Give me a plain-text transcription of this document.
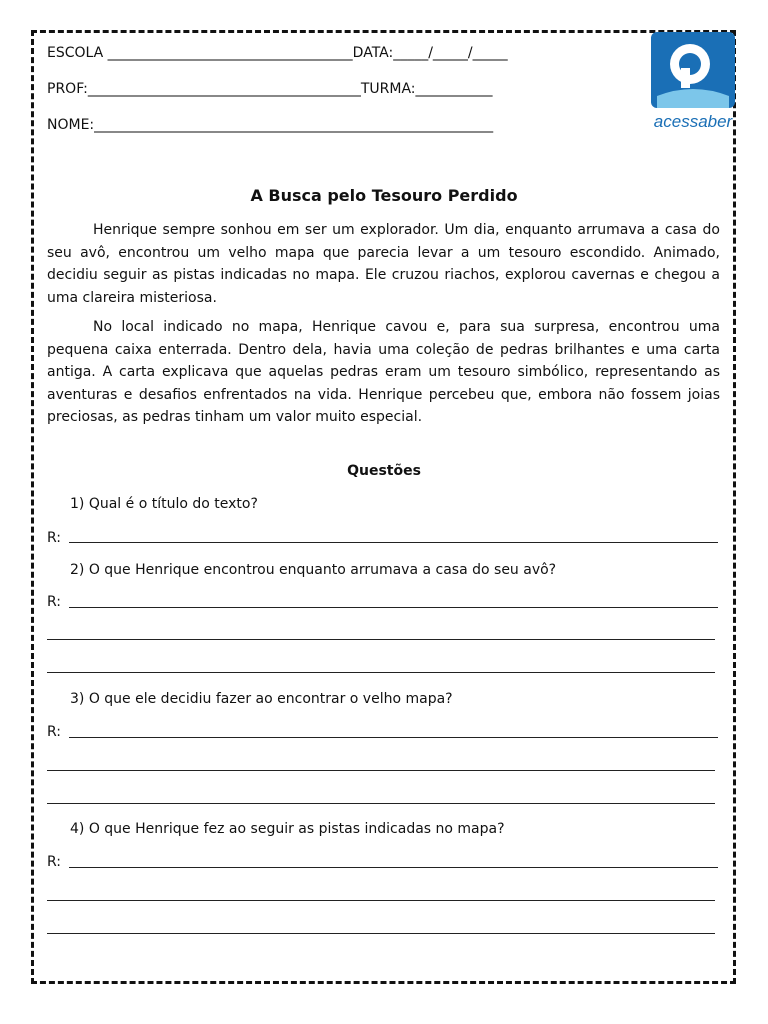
ESCOLA ___________________________________DATA:_____/_____/_____
PROF:_______________________________________TURMA:___________
NOME:_________________________________________________________	acessaber
A Busca pelo Tesouro Perdido

Henrique sempre sonhou em ser um explorador. Um dia, enquanto arrumava a casa do seu avô, encontrou um velho mapa que parecia levar a um tesouro escondido. Animado, decidiu seguir as pistas indicadas no mapa. Ele cruzou riachos, explorou cavernas e chegou a uma clareira misteriosa.

No local indicado no mapa, Henrique cavou e, para sua surpresa, encontrou uma pequena caixa enterrada. Dentro dela, havia uma coleção de pedras brilhantes e uma carta antiga. A carta explicava que aquelas pedras eram um tesouro simbólico, representando as aventuras e desafios enfrentados na vida. Henrique percebeu que, embora não fossem joias preciosas, as pedras tinham um valor muito especial.

Questões
1) Qual é o título do texto?
R:
2) O que Henrique encontrou enquanto arrumava a casa do seu avô?
R:
3) O que ele decidiu fazer ao encontrar o velho mapa?
R:
4) O que Henrique fez ao seguir as pistas indicadas no mapa?
R:
